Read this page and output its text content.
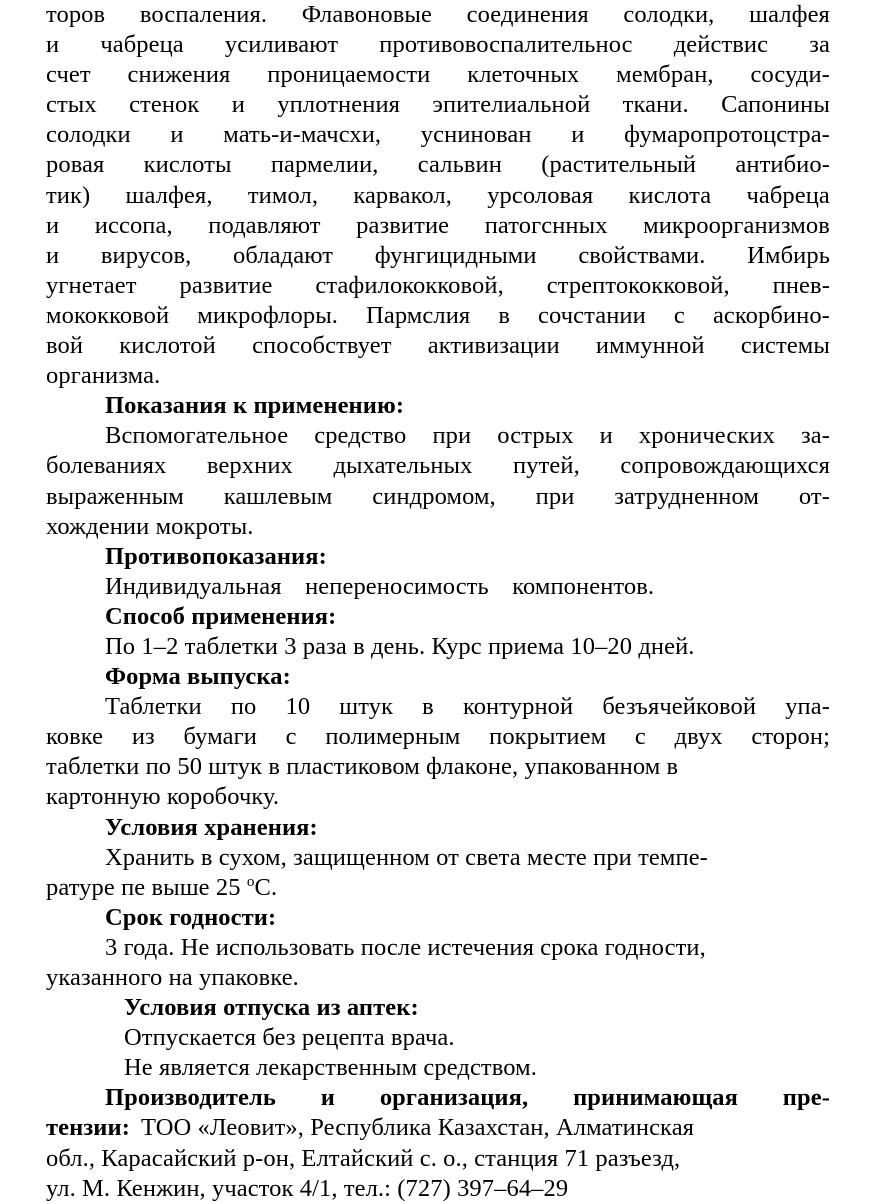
торов воспаления. Флавоновые соединения солодки, шалфея
и чабреца усиливают противовоспалительнос действис за
счет снижения проницаемости клеточных мембран, сосуди-
стых стенок и уплотнения эпителиальной ткани. Сапонины
солодки и мать-и-мачсхи, уснинован и фумаропротоцстра-
ровая кислоты пармелии, сальвин (растительный антибио-
тик) шалфея, тимол, карвакол, урсоловая кислота чабреца
и иссопа, подавляют развитие патогснных микроорганизмов
и вирусов, обладают фунгицидными свойствами. Имбирь
угнетает развитие стафилококковой, стрептококковой, пнев-
мококковой микрофлоры. Пармслия в сочстании с аскорбино-
вой кислотой способствует активизации иммунной системы
организма.
Показания к применению:
Вспомогательное средство при острых и хронических за-
болеваниях верхних дыхательных путей, сопровождающихся
выраженным кашлевым синдромом, при затрудненном от-
хождении мокроты.
Противопоказания:
Индивидуальная непереносимость компонентов.
Способ применения:
По 1–2 таблетки 3 раза в день. Курс приема 10–20 дней.
Форма выпуска:
Таблетки по 10 штук в контурной безъячейковой упа-
ковке из бумаги с полимерным покрытием с двух сторон;
таблетки по 50 штук в пластиковом флаконе, упакованном в
картонную коробочку.
Условия хранения:
Хранить в сухом, защищенном от света месте при темпе-
ратуре пе выше 25 $^о$С.
Срок годности:
3 года. Не использовать после истечения срока годности,
указанного на упаковке.
Условия отпуска из аптек:
Отпускается без рецепта врача.
Не является лекарственным средством.
Производитель и организация, принимающая пре-
тензии: ТОО «Леовит», Республика Казахстан, Алматинская
обл., Карасайский р-он, Елтайский с. о., станция 71 разъезд,
ул. М. Кенжин, участок 4/1, тел.: (727) 397–64–29
